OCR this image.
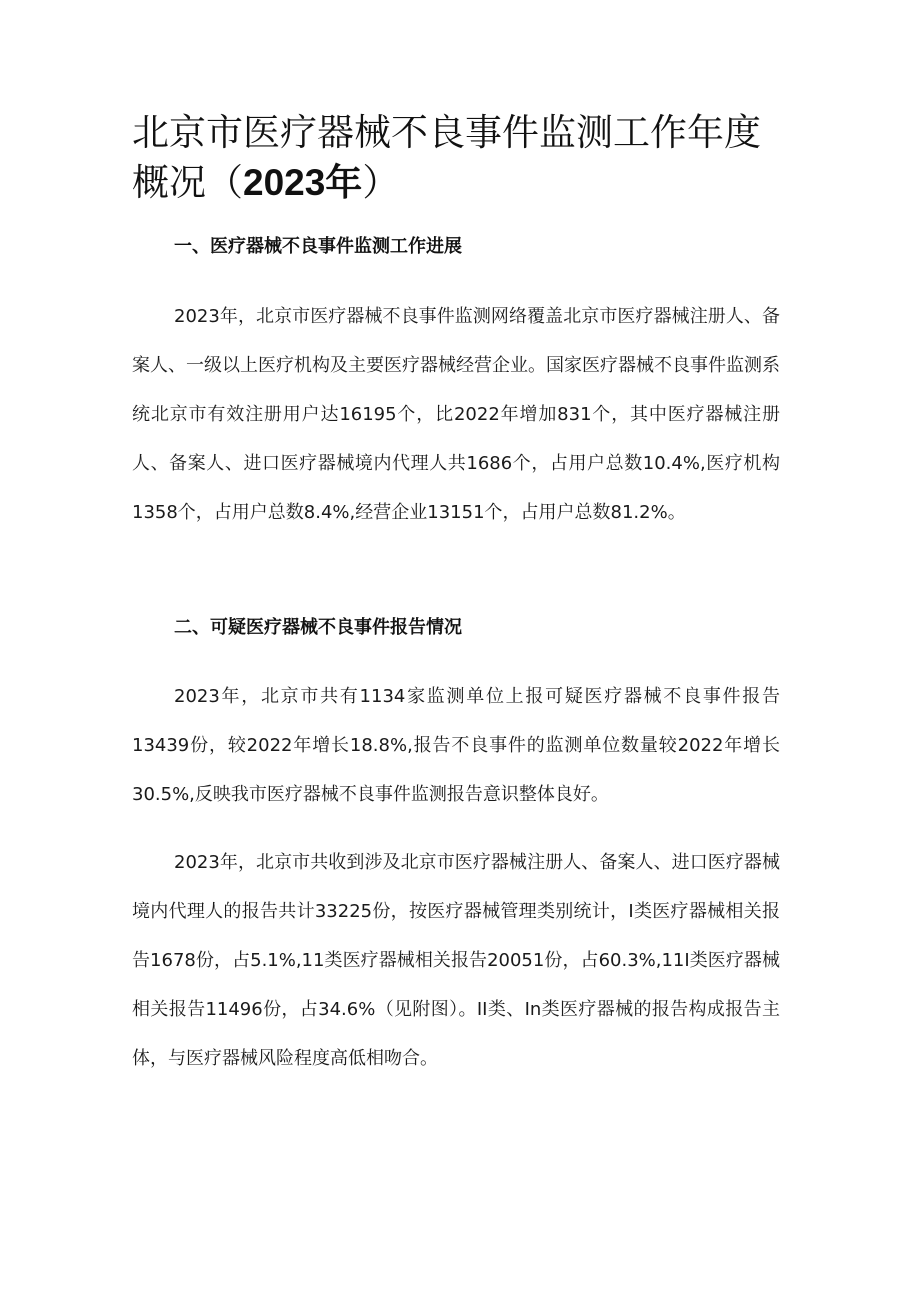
北京市医疗器械不良事件监测工作年度
概况（2023年）
一、医疗器械不良事件监测工作进展

2023年，北京市医疗器械不良事件监测网络覆盖北京市医疗器械注册人、备案人、一级以上医疗机构及主要医疗器械经营企业。国家医疗器械不良事件监测系统北京市有效注册用户达16195个，比2022年增加831个，其中医疗器械注册人、备案人、进口医疗器械境内代理人共1686个，占用户总数10.4%,医疗机构1358个，占用户总数8.4%,经营企业13151个，占用户总数81.2%。

二、可疑医疗器械不良事件报告情况

2023年，北京市共有1134家监测单位上报可疑医疗器械不良事件报告13439份，较2022年增长18.8%,报告不良事件的监测单位数量较2022年增长30.5%,反映我市医疗器械不良事件监测报告意识整体良好。

2023年，北京市共收到涉及北京市医疗器械注册人、备案人、进口医疗器械境内代理人的报告共计33225份，按医疗器械管理类别统计，I类医疗器械相关报告1678份，占5.1%,11类医疗器械相关报告20051份，占60.3%,11I类医疗器械相关报告11496份，占34.6%（见附图）。II类、In类医疗器械的报告构成报告主体，与医疗器械风险程度高低相吻合。
